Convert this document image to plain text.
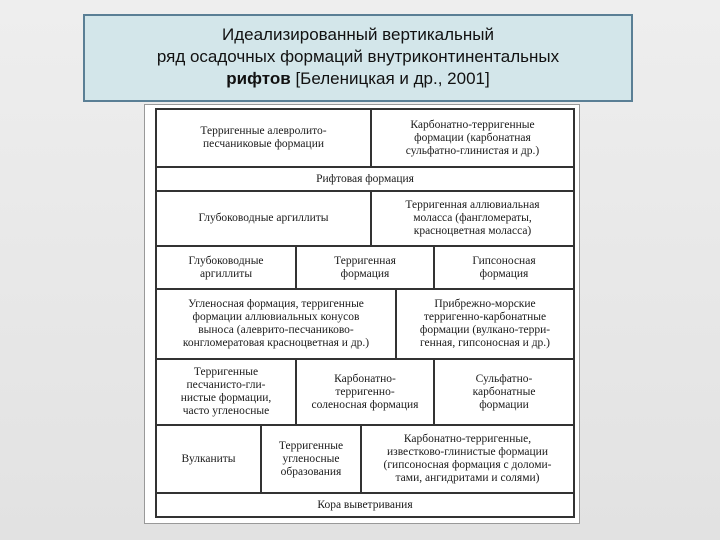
Идеализированный вертикальный
ряд осадочных формаций внутриконтинентальных
рифтов [Беленицкая и др., 2001]
Терригенные алевролито-
песчаниковые формации
Карбонатно-терригенные
формации (карбонатная
сульфатно-глинистая и др.)
Рифтовая формация
Глубоководные аргиллиты
Терригенная аллювиальная
моласса (фангломераты,
красноцветная моласса)
Глубоководные
аргиллиты
Терригенная
формация
Гипсоносная
формация
Угленосная формация, терригенные
формации аллювиальных конусов
выноса (алеврито-песчаниково-
конгломератовая красноцветная и др.)
Прибрежно-морские
терригенно-карбонатные
формации (вулкано-терри-
генная, гипсоносная и др.)
Терригенные
песчанисто-гли-
нистые формации,
часто угленосные
Карбонатно-
терригенно-
соленосная формация
Сульфатно-
карбонатные
формации
Вулканиты
Терригенные
угленосные
образования
Карбонатно-терригенные,
известково-глинистые формации
(гипсоносная формация с доломи-
тами, ангидритами и солями)
Кора выветривания
